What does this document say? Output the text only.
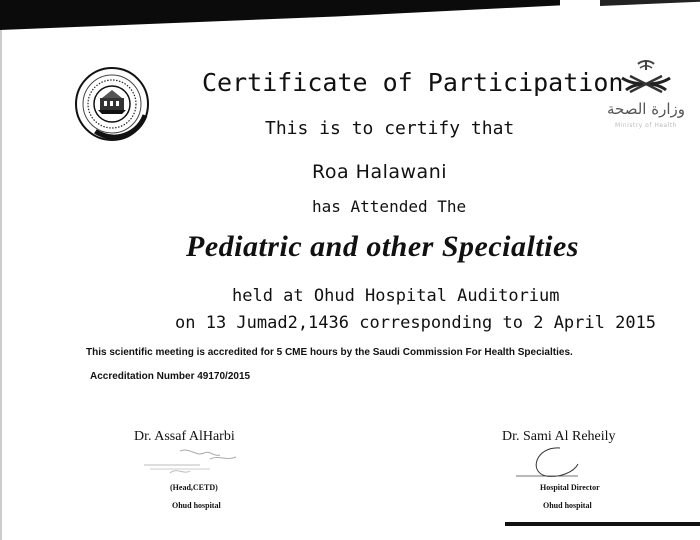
وزارة الصحة
Ministry of Health
Certificate of Participation
This is to certify that
Roa Halawani
has Attended The
Pediatric and other Specialties
held at Ohud Hospital Auditorium
on 13 Jumad2,1436 corresponding to 2 April 2015
This scientific meeting is accredited for 5 CME hours by the Saudi Commission For Health Specialties.
Accreditation Number 49170/2015
Dr. Assaf AlHarbi
(Head,CETD)
Ohud hospital
Dr. Sami Al Reheily
Hospital Director
Ohud hospital
